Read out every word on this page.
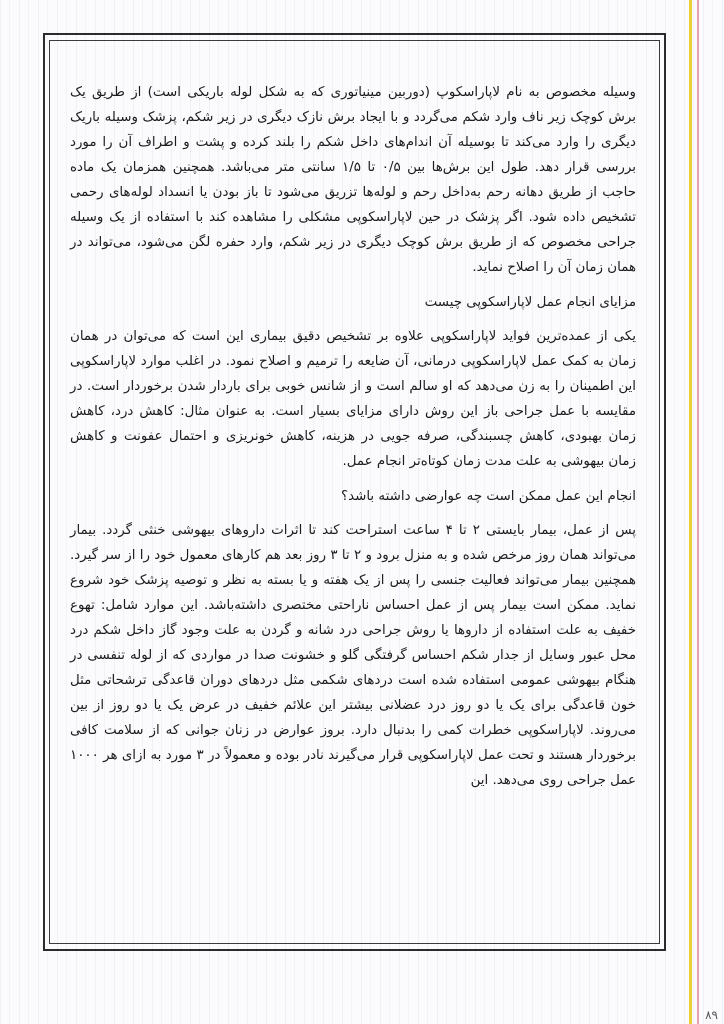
وسیله مخصوص به نام لاپاراسکوپ (دوربین مینیاتوری که به شکل لوله باریکی است) از طریق یک برش کوچک زیر ناف وارد شکم می‌گردد و با ایجاد برش نازک دیگری در زیر شکم، پزشک وسیله باریک دیگری را وارد می‌کند تا بوسیله آن اندام‌های داخل شکم را بلند کرده و پشت و اطراف آن را مورد بررسی قرار دهد. طول این برش‌ها بین ۰/۵ تا ۱/۵ سانتی متر می‌باشد. همچنین همزمان یک ماده حاجب از طریق دهانه رحم به‌داخل رحم و لوله‌ها تزریق می‌شود تا باز بودن یا انسداد لوله‌های رحمی تشخیص داده شود. اگر پزشک در حین لاپاراسکوپی مشکلی را مشاهده کند با استفاده از یک وسیله جراحی مخصوص که از طریق برش کوچک دیگری در زیر شکم، وارد حفره لگن می‌شود، می‌تواند در همان زمان آن را اصلاح نماید.

مزایای انجام عمل لاپاراسکوپی چیست

یکی از عمده‌ترین فواید لاپاراسکوپی علاوه بر تشخیص دقیق بیماری این است که می‌توان در همان زمان به کمک عمل لاپاراسکوپی درمانی، آن ضایعه را ترمیم و اصلاح نمود. در اغلب موارد لاپاراسکوپی این اطمینان را به زن می‌دهد که او سالم است و از شانس خوبی برای باردار شدن برخوردار است. در مقایسه با عمل جراحی باز این روش دارای مزایای بسیار است. به عنوان مثال: کاهش درد، کاهش زمان بهبودی، کاهش چسبندگی، صرفه جویی در هزینه، کاهش خونریزی و احتمال عفونت و کاهش زمان بیهوشی به علت مدت زمان کوتاه‌تر انجام عمل.

انجام این عمل ممکن است چه عوارضی داشته باشد؟

پس از عمل، بیمار بایستی ۲ تا ۴ ساعت استراحت کند تا اثرات داروهای بیهوشی خنثی گردد. بیمار می‌تواند همان روز مرخص شده و به منزل برود و ۲ تا ۳ روز بعد هم کارهای معمول خود را از سر گیرد. همچنین بیمار می‌تواند فعالیت جنسی را پس از یک هفته و یا بسته به نظر و توصیه پزشک خود شروع نماید. ممکن است بیمار پس از عمل احساس ناراحتی مختصری داشته‌باشد. این موارد شامل: تهوع خفیف به علت استفاده از داروها یا روش جراحی درد شانه و گردن به علت وجود گاز داخل شکم درد محل عبور وسایل از جدار شکم احساس گرفتگی گلو و خشونت صدا در مواردی که از لوله تنفسی در هنگام بیهوشی عمومی استفاده شده است دردهای شکمی مثل دردهای دوران قاعدگی ترشحاتی مثل خون قاعدگی برای یک یا دو روز درد عضلانی بیشتر این علائم خفیف در عرض یک یا دو روز از بین می‌روند. لاپاراسکوپی خطرات کمی را بدنبال دارد. بروز عوارض در زنان جوانی که از سلامت کافی برخوردار هستند و تحت عمل لاپاراسکوپی قرار می‌گیرند نادر بوده و معمولاً در ۳ مورد به ازای هر ۱۰۰۰ عمل جراحی روی می‌دهد. این

۸۹
